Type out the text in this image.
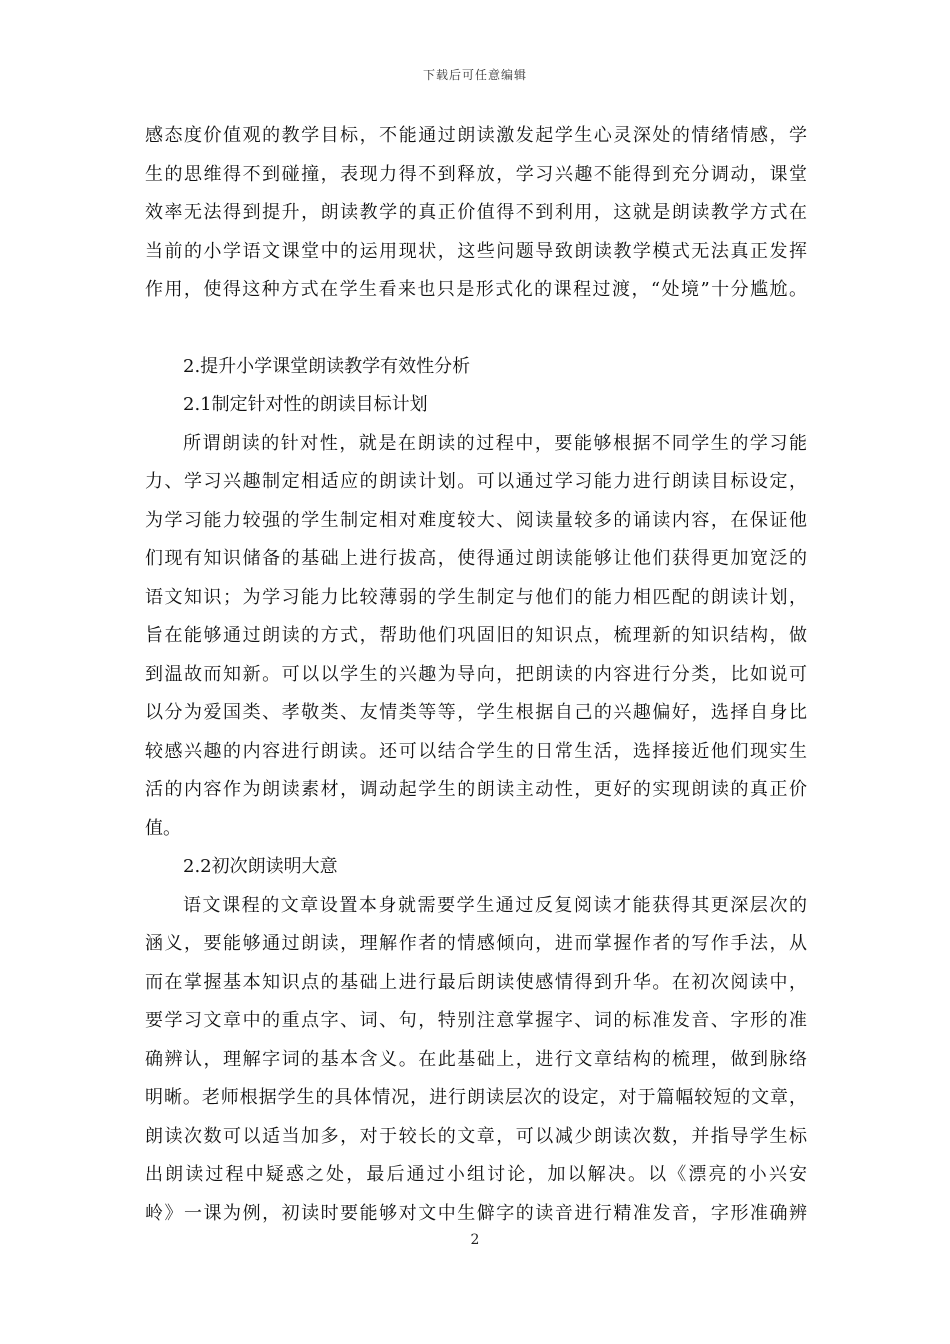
下载后可任意编辑
感态度价值观的教学目标，不能通过朗读激发起学生心灵深处的情绪情感，学
生的思维得不到碰撞，表现力得不到释放，学习兴趣不能得到充分调动，课堂
效率无法得到提升，朗读教学的真正价值得不到利用，这就是朗读教学方式在
当前的小学语文课堂中的运用现状，这些问题导致朗读教学模式无法真正发挥
作用，使得这种方式在学生看来也只是形式化的课程过渡，“处境”十分尴尬。
2.提升小学课堂朗读教学有效性分析
2.1制定针对性的朗读目标计划
所谓朗读的针对性，就是在朗读的过程中，要能够根据不同学生的学习能
力、学习兴趣制定相适应的朗读计划。可以通过学习能力进行朗读目标设定，
为学习能力较强的学生制定相对难度较大、阅读量较多的诵读内容，在保证他
们现有知识储备的基础上进行拔高，使得通过朗读能够让他们获得更加宽泛的
语文知识；为学习能力比较薄弱的学生制定与他们的能力相匹配的朗读计划，
旨在能够通过朗读的方式，帮助他们巩固旧的知识点，梳理新的知识结构，做
到温故而知新。可以以学生的兴趣为导向，把朗读的内容进行分类，比如说可
以分为爱国类、孝敬类、友情类等等，学生根据自己的兴趣偏好，选择自身比
较感兴趣的内容进行朗读。还可以结合学生的日常生活，选择接近他们现实生
活的内容作为朗读素材，调动起学生的朗读主动性，更好的实现朗读的真正价
值。
2.2初次朗读明大意
语文课程的文章设置本身就需要学生通过反复阅读才能获得其更深层次的
涵义，要能够通过朗读，理解作者的情感倾向，进而掌握作者的写作手法，从
而在掌握基本知识点的基础上进行最后朗读使感情得到升华。在初次阅读中，
要学习文章中的重点字、词、句，特别注意掌握字、词的标准发音、字形的准
确辨认，理解字词的基本含义。在此基础上，进行文章结构的梳理，做到脉络
明晰。老师根据学生的具体情况，进行朗读层次的设定，对于篇幅较短的文章，
朗读次数可以适当加多，对于较长的文章，可以减少朗读次数，并指导学生标
出朗读过程中疑惑之处，最后通过小组讨论，加以解决。以《漂亮的小兴安
岭》一课为例，初读时要能够对文中生僻字的读音进行精准发音，字形准确辨
2
